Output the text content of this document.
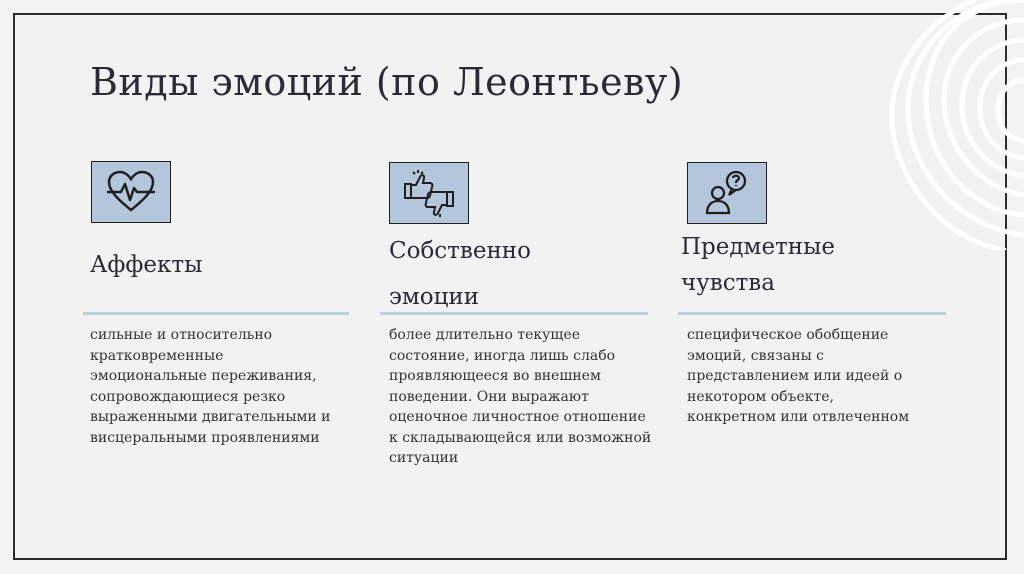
Виды эмоций (по Леонтьеву)
Аффекты
сильные и относительно
кратковременные
эмоциональные переживания,
сопровождающиеся резко
выраженными двигательными и
висцеральными проявлениями
Собственно
эмоции
более длительно текущее
состояние, иногда лишь слабо
проявляющееся во внешнем
поведении. Они выражают
оценочное личностное отношение
к складывающейся или возможной
ситуации
Предметные
чувства
специфическое обобщение
эмоций, связаны с
представлением или идеей о
некотором объекте,
конкретном или отвлеченном
